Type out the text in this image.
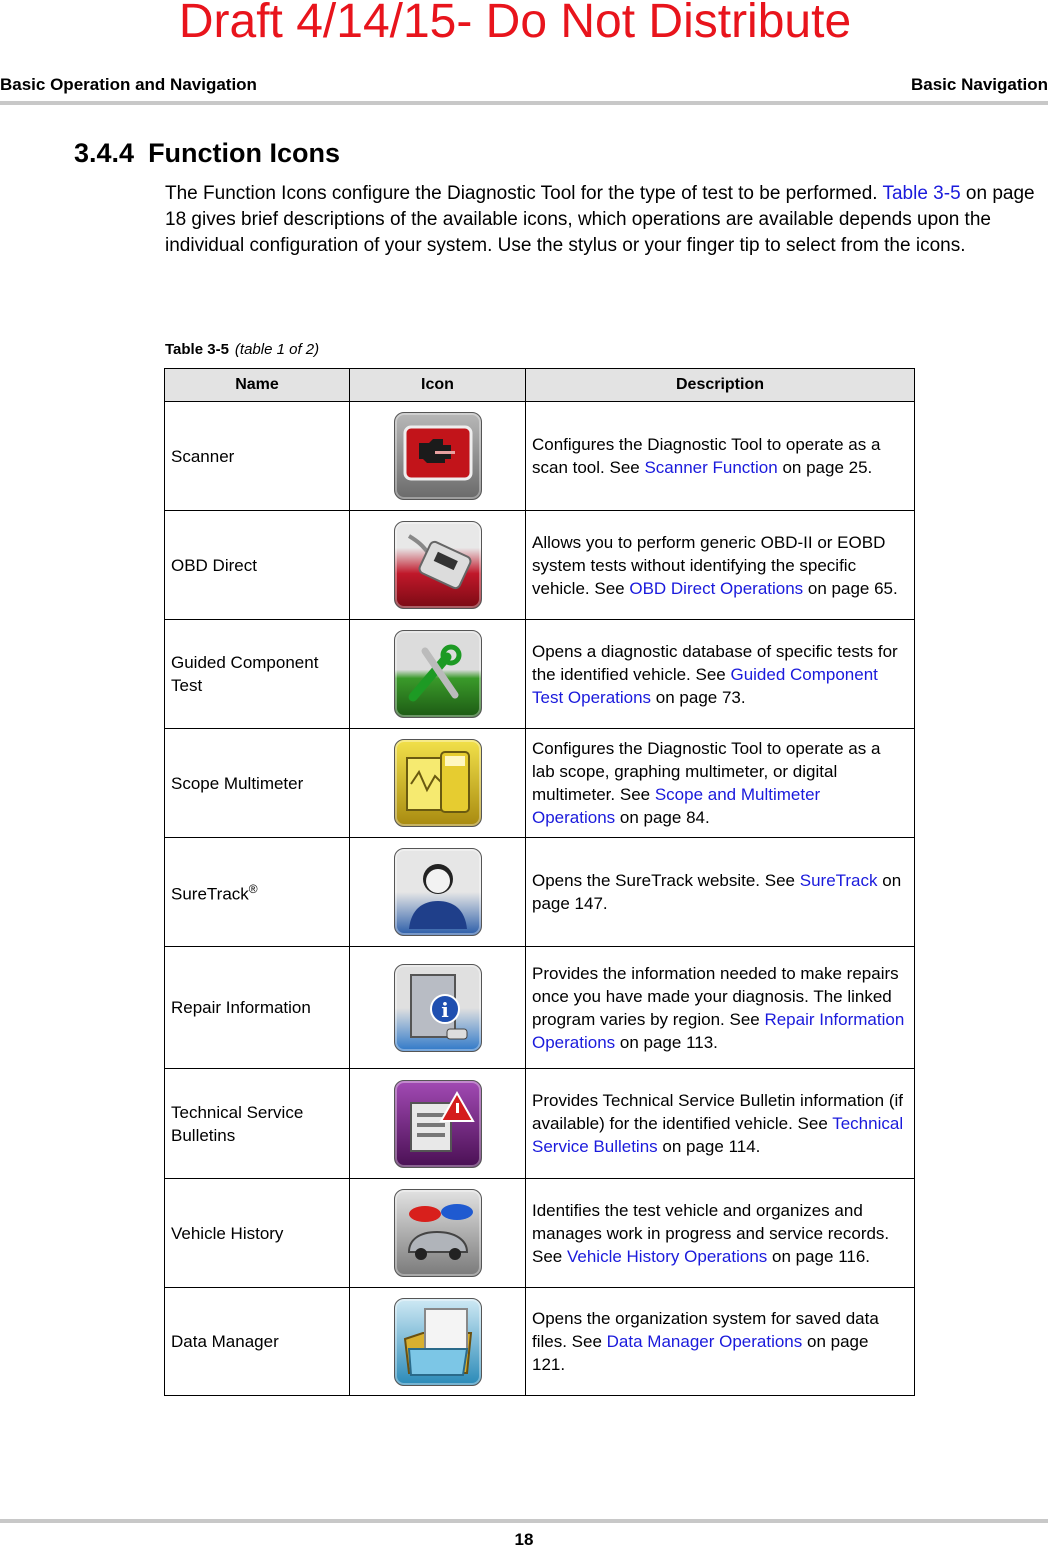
Draft 4/14/15- Do Not Distribute
Basic Operation and Navigation	Basic Navigation
3.4.4 Function Icons
The Function Icons configure the Diagnostic Tool for the type of test to be performed. Table 3-5 on page 18 gives brief descriptions of the available icons, which operations are available depends upon the individual configuration of your system. Use the stylus or your finger tip to select from the icons.
Table 3-5 (table 1 of 2)
Name	Icon	Description
Scanner		Configures the Diagnostic Tool to operate as a scan tool. See Scanner Function on page 25.
OBD Direct		Allows you to perform generic OBD-II or EOBD system tests without identifying the specific vehicle. See OBD Direct Operations on page 65.
Guided Component Test		Opens a diagnostic database of specific tests for the identified vehicle. See Guided Component Test Operations on page 73.
Scope Multimeter		Configures the Diagnostic Tool to operate as a lab scope, graphing multimeter, or digital multimeter. See Scope and Multimeter Operations on page 84.
SureTrack®		Opens the SureTrack website. See SureTrack on page 147.
Repair Information	i	Provides the information needed to make repairs once you have made your diagnosis. The linked program varies by region. See Repair Information Operations on page 113.
Technical Service Bulletins		Provides Technical Service Bulletin information (if available) for the identified vehicle. See Technical Service Bulletins on page 114.
Vehicle History		Identifies the test vehicle and organizes and manages work in progress and service records. See Vehicle History Operations on page 116.
Data Manager		Opens the organization system for saved data files. See Data Manager Operations on page 121.
18
